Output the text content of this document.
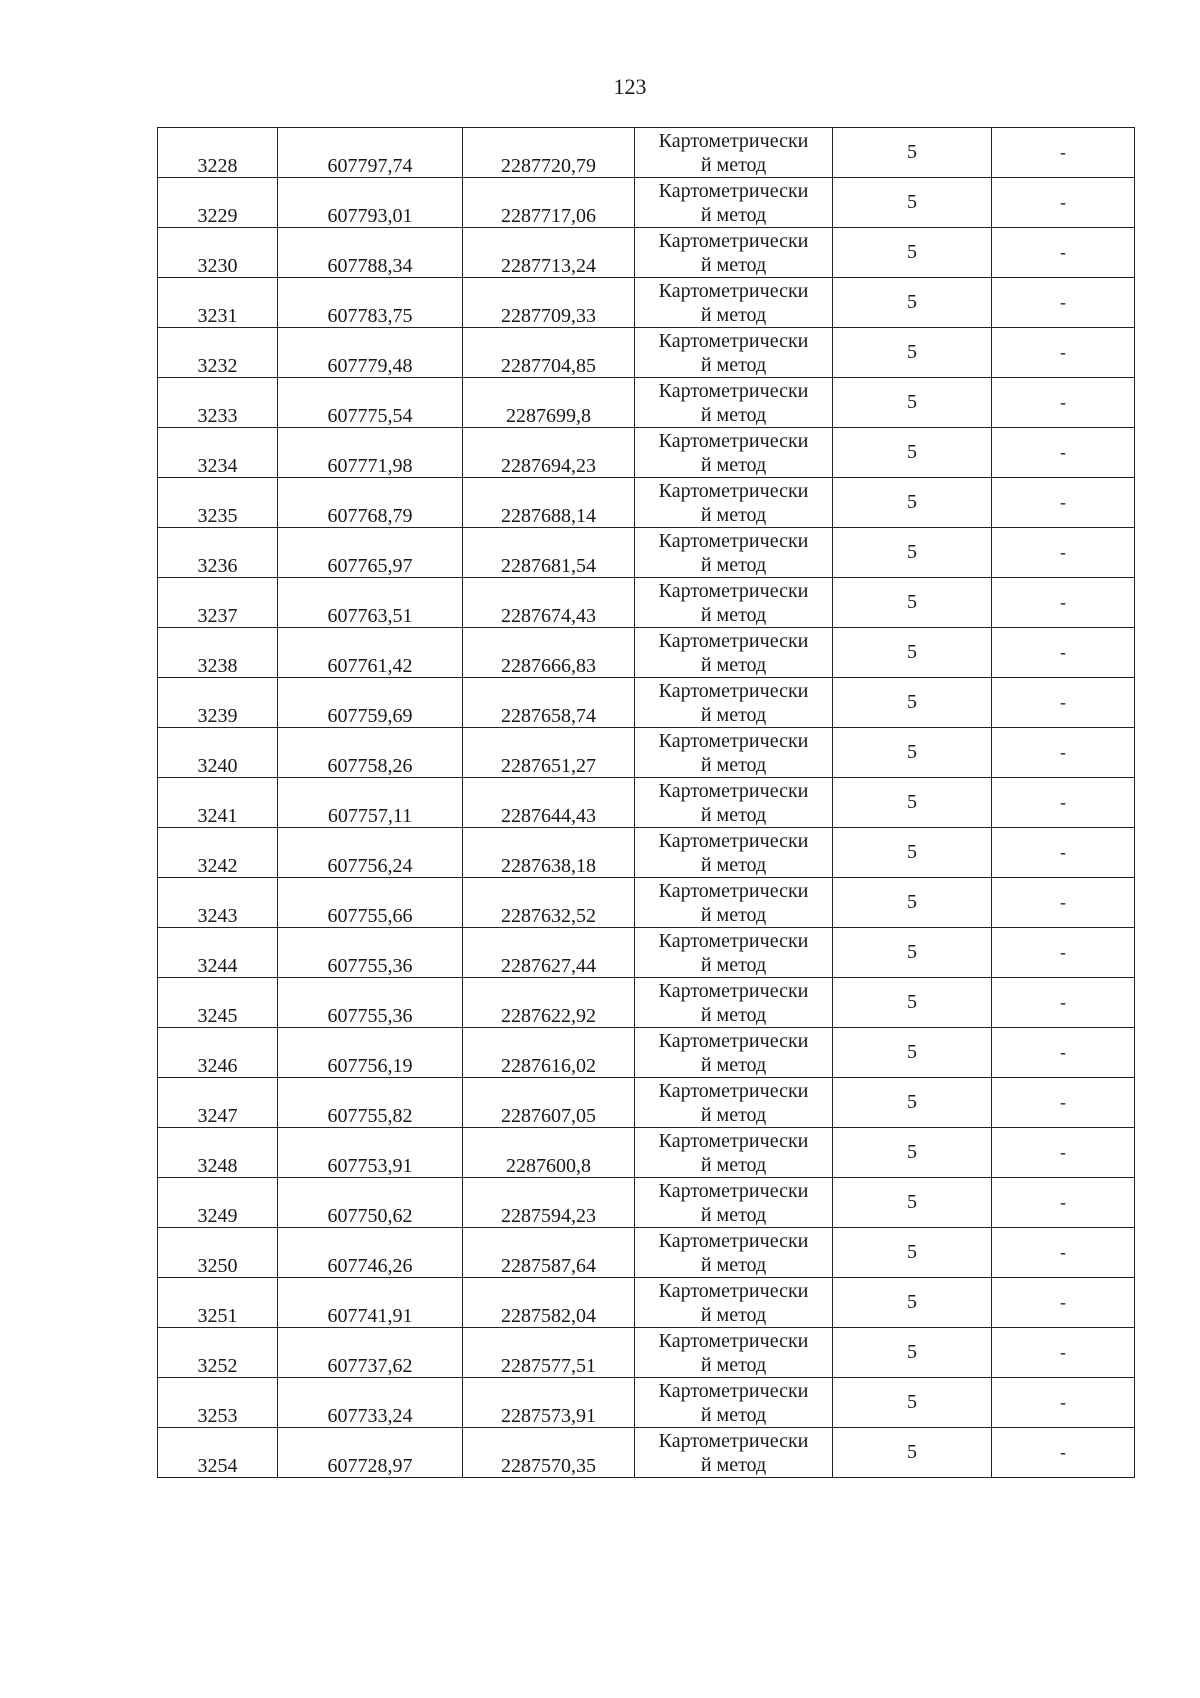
123
3228	607797,74	2287720,79	Картометрически
й метод	5	-
3229	607793,01	2287717,06	Картометрически
й метод	5	-
3230	607788,34	2287713,24	Картометрически
й метод	5	-
3231	607783,75	2287709,33	Картометрически
й метод	5	-
3232	607779,48	2287704,85	Картометрически
й метод	5	-
3233	607775,54	2287699,8	Картометрически
й метод	5	-
3234	607771,98	2287694,23	Картометрически
й метод	5	-
3235	607768,79	2287688,14	Картометрически
й метод	5	-
3236	607765,97	2287681,54	Картометрически
й метод	5	-
3237	607763,51	2287674,43	Картометрически
й метод	5	-
3238	607761,42	2287666,83	Картометрически
й метод	5	-
3239	607759,69	2287658,74	Картометрически
й метод	5	-
3240	607758,26	2287651,27	Картометрически
й метод	5	-
3241	607757,11	2287644,43	Картометрически
й метод	5	-
3242	607756,24	2287638,18	Картометрически
й метод	5	-
3243	607755,66	2287632,52	Картометрически
й метод	5	-
3244	607755,36	2287627,44	Картометрически
й метод	5	-
3245	607755,36	2287622,92	Картометрически
й метод	5	-
3246	607756,19	2287616,02	Картометрически
й метод	5	-
3247	607755,82	2287607,05	Картометрически
й метод	5	-
3248	607753,91	2287600,8	Картометрически
й метод	5	-
3249	607750,62	2287594,23	Картометрически
й метод	5	-
3250	607746,26	2287587,64	Картометрически
й метод	5	-
3251	607741,91	2287582,04	Картометрически
й метод	5	-
3252	607737,62	2287577,51	Картометрически
й метод	5	-
3253	607733,24	2287573,91	Картометрически
й метод	5	-
3254	607728,97	2287570,35	Картометрически
й метод	5	-
